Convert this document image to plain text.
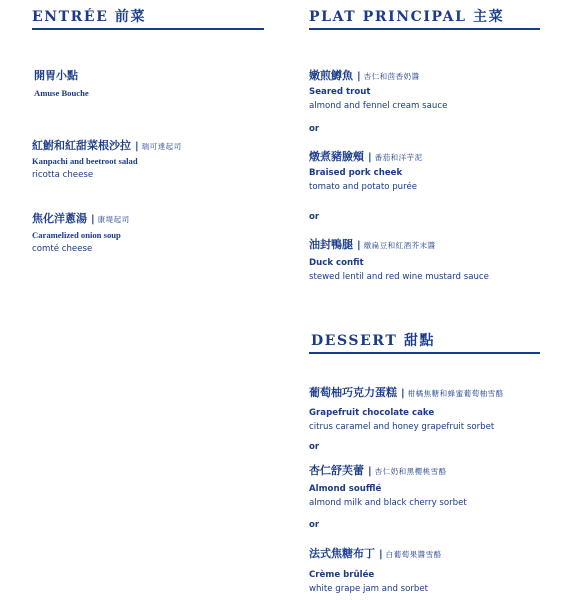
ENTRÉE 前菜
開胃小點
Amuse Bouche
紅鮒和紅甜菜根沙拉 | 瑞可達起司
Kanpachi and beetroot salad
ricotta cheese
焦化洋蔥湯 | 康堤起司
Caramelized onion soup
comté cheese
PLAT PRINCIPAL 主菜
嫩煎鱒魚 | 杏仁和茴香奶醬
Seared trout
almond and fennel cream sauce
or
燉煮豬臉頰 | 番茄和洋芋泥
Braised pork cheek
tomato and potato purée
or
油封鴨腿 | 燉扁豆和紅酒芥末醬
Duck confit
stewed lentil and red wine mustard sauce
DESSERT 甜點
葡萄柚巧克力蛋糕 | 柑橘焦糖和蜂蜜葡萄柚雪酪
Grapefruit chocolate cake
citrus caramel and honey grapefruit sorbet
or
杏仁舒芙蕾 | 杏仁奶和黑櫻桃雪酪
Almond soufflé
almond milk and black cherry sorbet
or
法式焦糖布丁 | 白葡萄果醬雪酪
Crème brûlée
white grape jam and sorbet
